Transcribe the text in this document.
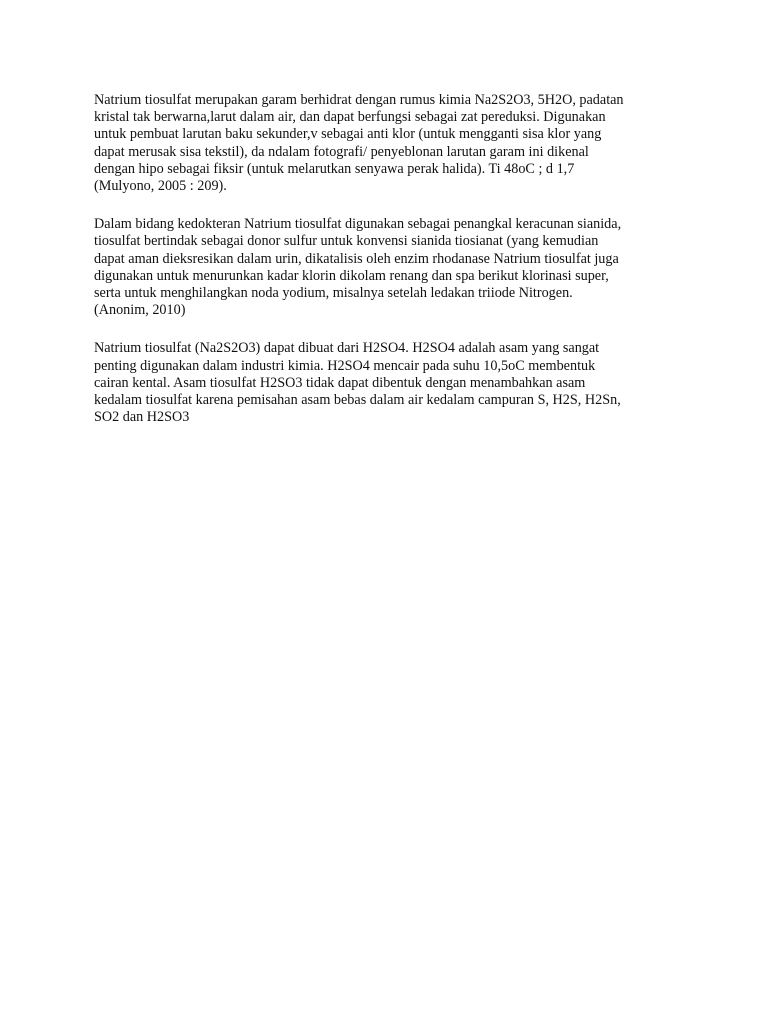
Natrium tiosulfat merupakan garam berhidrat dengan rumus kimia Na2S2O3, 5H2O, padatan
kristal tak berwarna,larut dalam air, dan dapat berfungsi sebagai zat pereduksi. Digunakan
untuk pembuat larutan baku sekunder,v sebagai anti klor (untuk mengganti sisa klor yang
dapat merusak sisa tekstil), da ndalam fotografi/ penyeblonan larutan garam ini dikenal
dengan hipo sebagai fiksir (untuk melarutkan senyawa perak halida). Ti 48oC ; d 1,7
(Mulyono, 2005 : 209).

Dalam bidang kedokteran Natrium tiosulfat digunakan sebagai penangkal keracunan sianida,
tiosulfat bertindak sebagai donor sulfur untuk konvensi sianida tiosianat (yang kemudian
dapat aman dieksresikan dalam urin, dikatalisis oleh enzim rhodanase Natrium tiosulfat juga
digunakan untuk menurunkan kadar klorin dikolam renang dan spa berikut klorinasi super,
serta untuk menghilangkan noda yodium, misalnya setelah ledakan triiode Nitrogen.
(Anonim, 2010)

Natrium tiosulfat (Na2S2O3) dapat dibuat dari H2SO4. H2SO4 adalah asam yang sangat
penting digunakan dalam industri kimia. H2SO4 mencair pada suhu 10,5oC membentuk
cairan kental. Asam tiosulfat H2SO3 tidak dapat dibentuk dengan menambahkan asam
kedalam tiosulfat karena pemisahan asam bebas dalam air kedalam campuran S, H2S, H2Sn,
SO2 dan H2SO3
